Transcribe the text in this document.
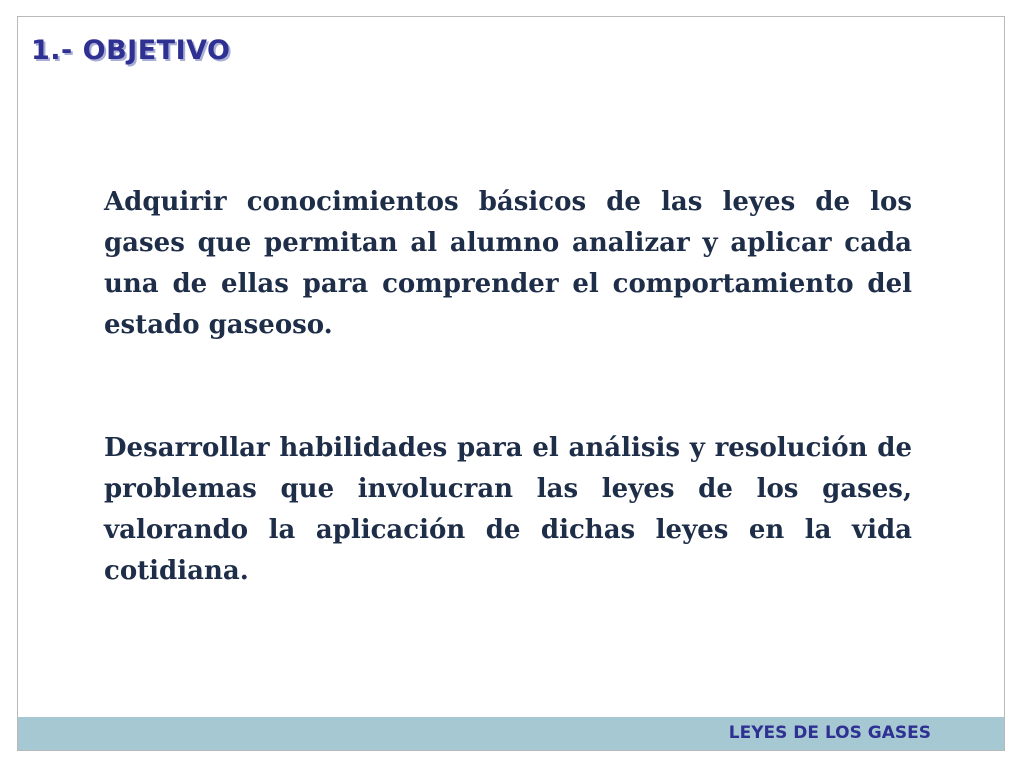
1.- OBJETIVO

Adquirir conocimientos básicos de las leyes de los gases que permitan al alumno analizar y aplicar cada una de ellas para comprender el comportamiento del estado gaseoso.

Desarrollar habilidades para el análisis y resolución de problemas que involucran las leyes de los gases, valorando la aplicación de dichas leyes en la vida cotidiana.

LEYES DE LOS GASES
